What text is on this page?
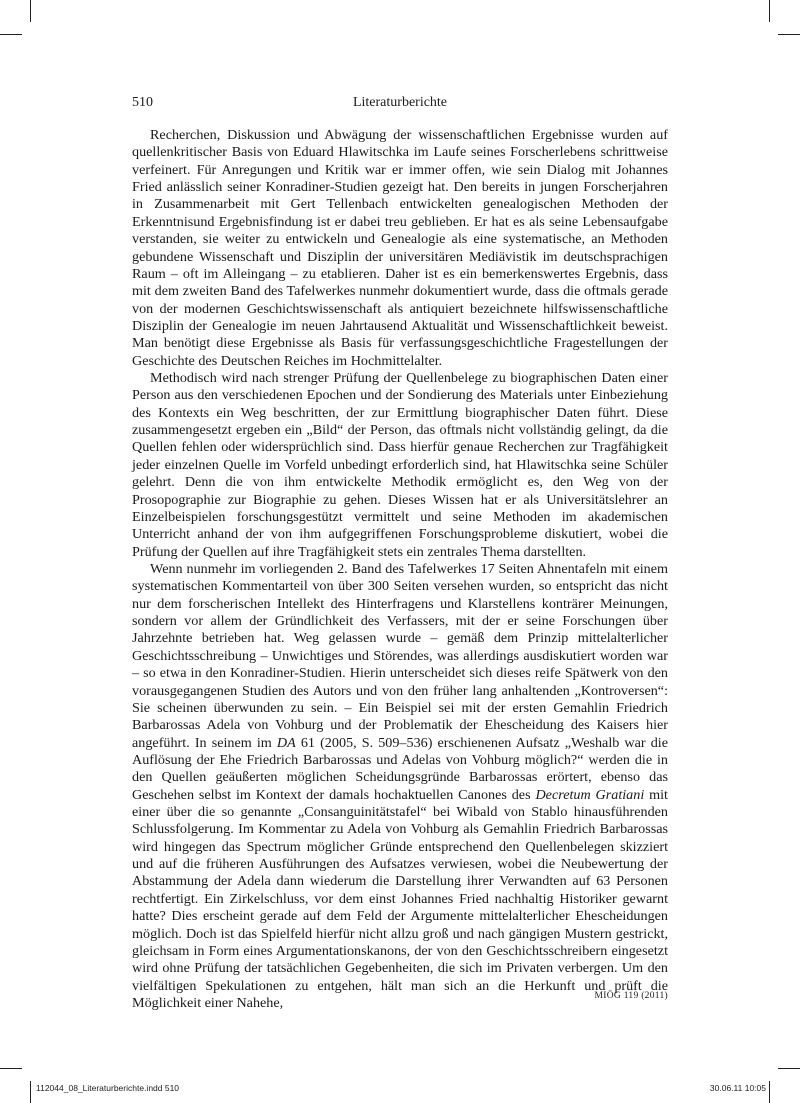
510	Literaturberichte

Recherchen, Diskussion und Abwägung der wissenschaftlichen Ergebnisse wurden auf quellenkritischer Basis von Eduard Hlawitschka im Laufe seines Forscherlebens schrittweise verfeinert. Für Anregungen und Kritik war er immer offen, wie sein Dialog mit Johannes Fried anlässlich seiner Konradiner-Studien gezeigt hat. Den bereits in jungen Forscherjahren in Zusammenarbeit mit Gert Tellenbach entwickelten genealogischen Methoden der Erkenntnisund Ergebnisfindung ist er dabei treu geblieben. Er hat es als seine Lebensaufgabe verstanden, sie weiter zu entwickeln und Genealogie als eine systematische, an Methoden gebundene Wissenschaft und Disziplin der universitären Mediävistik im deutschsprachigen Raum – oft im Alleingang – zu etablieren. Daher ist es ein bemerkenswertes Ergebnis, dass mit dem zweiten Band des Tafelwerkes nunmehr dokumentiert wurde, dass die oftmals gerade von der modernen Geschichtswissenschaft als antiquiert bezeichnete hilfswissenschaftliche Disziplin der Genealogie im neuen Jahrtausend Aktualität und Wissenschaftlichkeit beweist. Man benötigt diese Ergebnisse als Basis für verfassungsgeschichtliche Fragestellungen der Geschichte des Deutschen Reiches im Hochmittelalter.

Methodisch wird nach strenger Prüfung der Quellenbelege zu biographischen Daten einer Person aus den verschiedenen Epochen und der Sondierung des Materials unter Einbeziehung des Kontexts ein Weg beschritten, der zur Ermittlung biographischer Daten führt. Diese zusammengesetzt ergeben ein „Bild“ der Person, das oftmals nicht vollständig gelingt, da die Quellen fehlen oder widersprüchlich sind. Dass hierfür genaue Recherchen zur Tragfähigkeit jeder einzelnen Quelle im Vorfeld unbedingt erforderlich sind, hat Hlawitschka seine Schüler gelehrt. Denn die von ihm entwickelte Methodik ermöglicht es, den Weg von der Prosopographie zur Biographie zu gehen. Dieses Wissen hat er als Universitätslehrer an Einzelbeispielen forschungsgestützt vermittelt und seine Methoden im akademischen Unterricht anhand der von ihm aufgegriffenen Forschungsprobleme diskutiert, wobei die Prüfung der Quellen auf ihre Tragfähigkeit stets ein zentrales Thema darstellten.

Wenn nunmehr im vorliegenden 2. Band des Tafelwerkes 17 Seiten Ahnentafeln mit einem systematischen Kommentarteil von über 300 Seiten versehen wurden, so entspricht das nicht nur dem forscherischen Intellekt des Hinterfragens und Klarstellens konträrer Meinungen, sondern vor allem der Gründlichkeit des Verfassers, mit der er seine Forschungen über Jahrzehnte betrieben hat. Weg gelassen wurde – gemäß dem Prinzip mittelalterlicher Geschichtsschreibung – Unwichtiges und Störendes, was allerdings ausdiskutiert worden war – so etwa in den Konradiner-Studien. Hierin unterscheidet sich dieses reife Spätwerk von den vorausgegangenen Studien des Autors und von den früher lang anhaltenden „Kontroversen“: Sie scheinen überwunden zu sein. – Ein Beispiel sei mit der ersten Gemahlin Friedrich Barbarossas Adela von Vohburg und der Problematik der Ehescheidung des Kaisers hier angeführt. In seinem im DA 61 (2005, S. 509–536) erschienenen Aufsatz „Weshalb war die Auflösung der Ehe Friedrich Barbarossas und Adelas von Vohburg möglich?“ werden die in den Quellen geäußerten möglichen Scheidungsgründe Barbarossas erörtert, ebenso das Geschehen selbst im Kontext der damals hochaktuellen Canones des Decretum Gratiani mit einer über die so genannte „Consanguinitätstafel“ bei Wibald von Stablo hinausführenden Schlussfolgerung. Im Kommentar zu Adela von Vohburg als Gemahlin Friedrich Barbarossas wird hingegen das Spectrum möglicher Gründe entsprechend den Quellenbelegen skizziert und auf die früheren Ausführungen des Aufsatzes verwiesen, wobei die Neubewertung der Abstammung der Adela dann wiederum die Darstellung ihrer Verwandten auf 63 Personen rechtfertigt. Ein Zirkelschluss, vor dem einst Johannes Fried nachhaltig Historiker gewarnt hatte? Dies erscheint gerade auf dem Feld der Argumente mittelalterlicher Ehescheidungen möglich. Doch ist das Spielfeld hierfür nicht allzu groß und nach gängigen Mustern gestrickt, gleichsam in Form eines Argumentationskanons, der von den Geschichtsschreibern eingesetzt wird ohne Prüfung der tatsächlichen Gegebenheiten, die sich im Privaten verbergen. Um den vielfältigen Spekulationen zu entgehen, hält man sich an die Herkunft und prüft die Möglichkeit einer Nahehe,	MIÖG 119 (2011)
112044_08_Literaturberichte.indd 510	30.06.11 10:05
